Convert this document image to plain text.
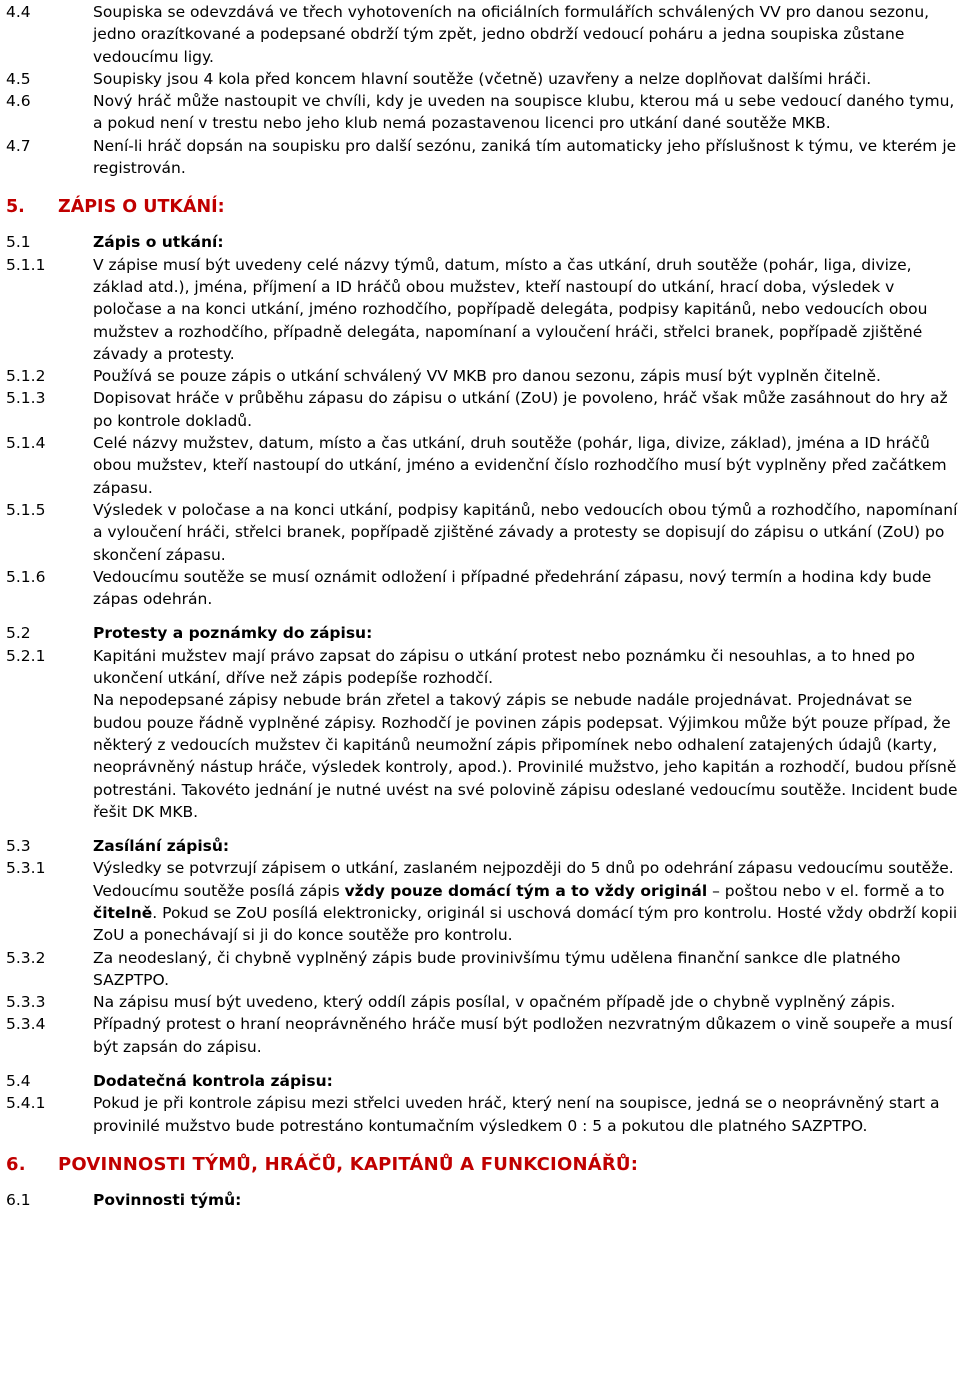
4.4	Soupiska se odevzdává ve třech vyhotoveních na oficiálních formulářích schválených VV pro danou sezonu, jedno orazítkované a podepsané obdrží tým zpět, jedno obdrží vedoucí poháru a jedna soupiska zůstane vedoucímu ligy.
4.5	Soupisky jsou 4 kola před koncem hlavní soutěže (včetně) uzavřeny a nelze doplňovat dalšími hráči.
4.6	Nový hráč může nastoupit ve chvíli, kdy je uveden na soupisce klubu, kterou má u sebe vedoucí daného tymu, a pokud není v trestu nebo jeho klub nemá pozastavenou licenci pro utkání dané soutěže MKB.
4.7	Není-li hráč dopsán na soupisku pro další sezónu, zaniká tím automaticky jeho příslušnost k týmu, ve kterém je registrován.
5.	ZÁPIS O UTKÁNÍ:
5.1	Zápis o utkání:
5.1.1	V zápise musí být uvedeny celé názvy týmů, datum, místo a čas utkání, druh soutěže (pohár, liga, divize, základ atd.), jména, příjmení a ID hráčů obou mužstev, kteří nastoupí do utkání, hrací doba, výsledek v poločase a na konci utkání, jméno rozhodčího, popřípadě delegáta, podpisy kapitánů, nebo vedoucích obou mužstev a rozhodčího, případně delegáta, napomínaní a vyloučení hráči, střelci branek, popřípadě zjištěné závady a protesty.
5.1.2	Používá se pouze zápis o utkání schválený VV MKB pro danou sezonu, zápis musí být vyplněn čitelně.
5.1.3	Dopisovat hráče v průběhu zápasu do zápisu o utkání (ZoU) je povoleno, hráč však může zasáhnout do hry až po kontrole dokladů.
5.1.4	Celé názvy mužstev, datum, místo a čas utkání, druh soutěže (pohár, liga, divize, základ), jména a ID hráčů obou mužstev, kteří nastoupí do utkání, jméno a evidenční číslo rozhodčího musí být vyplněny před začátkem zápasu.
5.1.5	Výsledek v poločase a na konci utkání, podpisy kapitánů, nebo vedoucích obou týmů a rozhodčího, napomínaní a vyloučení hráči, střelci branek, popřípadě zjištěné závady a protesty se dopisují do zápisu o utkání (ZoU) po skončení zápasu.
5.1.6	Vedoucímu soutěže se musí oznámit odložení i případné předehrání zápasu, nový termín a hodina kdy bude zápas odehrán.
5.2	Protesty a poznámky do zápisu:
5.2.1	Kapitáni mužstev mají právo zapsat do zápisu o utkání protest nebo poznámku či nesouhlas, a to hned po ukončení utkání, dříve než zápis podepíše rozhodčí.
Na nepodepsané zápisy nebude brán zřetel a takový zápis se nebude nadále projednávat. Projednávat se budou pouze řádně vyplněné zápisy. Rozhodčí je povinen zápis podepsat. Výjimkou může být pouze případ, že některý z vedoucích mužstev či kapitánů neumožní zápis připomínek nebo odhalení zatajených údajů (karty, neoprávněný nástup hráče, výsledek kontroly, apod.). Provinilé mužstvo, jeho kapitán a rozhodčí, budou přísně potrestáni. Takovéto jednání je nutné uvést na své polovině zápisu odeslané vedoucímu soutěže. Incident bude řešit DK MKB.
5.3	Zasílání zápisů:
5.3.1	Výsledky se potvrzují zápisem o utkání, zaslaném nejpozději do 5 dnů po odehrání zápasu vedoucímu soutěže. Vedoucímu soutěže posílá zápis vždy pouze domácí tým a to vždy originál – poštou nebo v el. formě a to čitelně. Pokud se ZoU posílá elektronicky, originál si uschová domácí tým pro kontrolu. Hosté vždy obdrží kopii ZoU a ponechávají si ji do konce soutěže pro kontrolu.
5.3.2	Za neodeslaný, či chybně vyplněný zápis bude provinivšímu týmu udělena finanční sankce dle platného SAZPTPO.
5.3.3	Na zápisu musí být uvedeno, který oddíl zápis posílal, v opačném případě jde o chybně vyplněný zápis.
5.3.4	Případný protest o hraní neoprávněného hráče musí být podložen nezvratným důkazem o vině soupeře a musí být zapsán do zápisu.
5.4	Dodatečná kontrola zápisu:
5.4.1	Pokud je při kontrole zápisu mezi střelci uveden hráč, který není na soupisce, jedná se o neoprávněný start a provinilé mužstvo bude potrestáno kontumačním výsledkem 0 : 5 a pokutou dle platného SAZPTPO.
6.	POVINNOSTI TÝMŮ, HRÁČŮ, KAPITÁNŮ A FUNKCIONÁŘŮ:
6.1	Povinnosti týmů:
